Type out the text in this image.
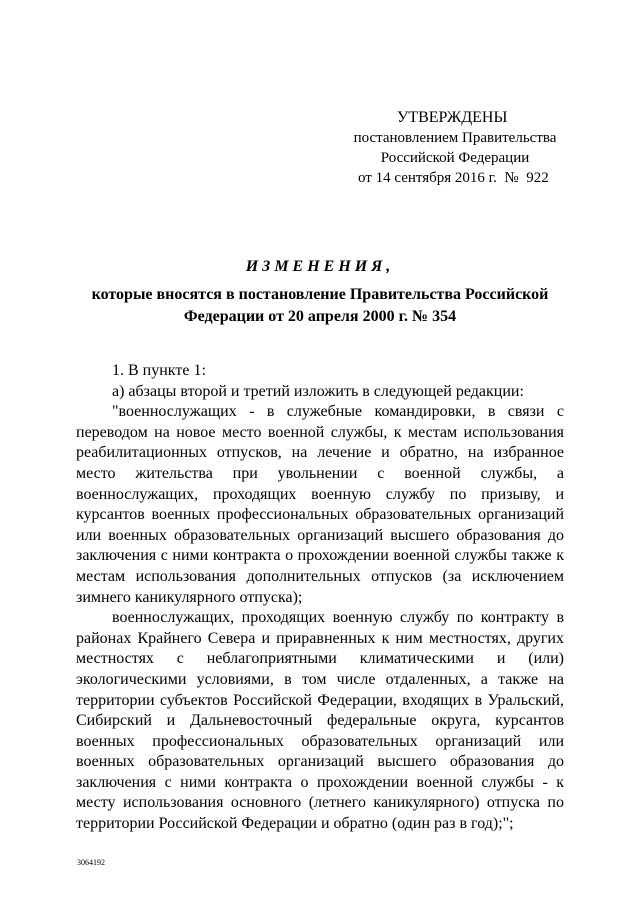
УТВЕРЖДЕНЫ
постановлением Правительства
Российской Федерации
от 14 сентября 2016 г.  №  922
ИЗМЕНЕНИЯ,
которые вносятся в постановление Правительства Российской
Федерации от 20 апреля 2000 г. № 354

1. В пункте 1:

а) абзацы второй и третий изложить в следующей редакции:

"военнослужащих - в служебные командировки, в связи с переводом на новое место военной службы, к местам использования реабилитационных отпусков, на лечение и обратно, на избранное место жительства при увольнении с военной службы, а военнослужащих, проходящих военную службу по призыву, и курсантов военных профессиональных образовательных организаций или военных образовательных организаций высшего образования до заключения с ними контракта о прохождении военной службы также к местам использования дополнительных отпусков (за исключением зимнего каникулярного отпуска);

военнослужащих, проходящих военную службу по контракту в районах Крайнего Севера и приравненных к ним местностях, других местностях с неблагоприятными климатическими и (или) экологическими условиями, в том числе отдаленных, а также на территории субъектов Российской Федерации, входящих в Уральский, Сибирский и Дальневосточный федеральные округа, курсантов военных профессиональных образовательных организаций или военных образовательных организаций высшего образования до заключения с ними контракта о прохождении военной службы - к месту использования основного (летнего каникулярного) отпуска по территории Российской Федерации и обратно (один раз в год);";

3064192
